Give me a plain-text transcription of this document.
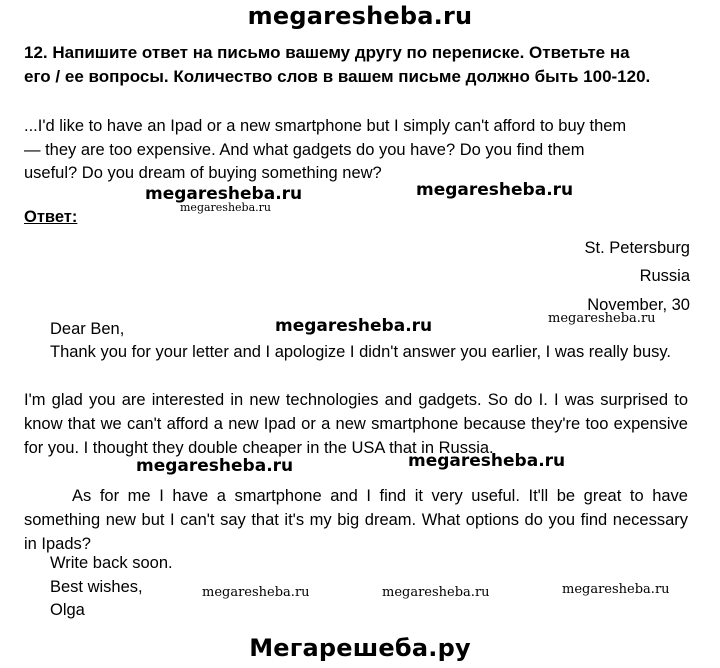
megaresheba.ru
12. Напишите ответ на письмо вашему другу по переписке. Ответьте на
его / ее вопросы. Количество слов в вашем письме должно быть 100-120.
...I'd like to have an Ipad or a new smartphone but I simply can't afford to buy them
— they are too expensive. And what gadgets do you have? Do you find them
useful? Do you dream of buying something new?
megaresheba.ru
megaresheba.ru
megaresheba.ru
Ответ:
St. Petersburg
Russia
November, 30
megaresheba.ru
Dear Ben,	megaresheba.ru
Thank you for your letter and I apologize I didn't answer you earlier, I was really busy.
I'm glad you are interested in new technologies and gadgets. So do I. I was surprised to know that we can't afford a new Ipad or a new smartphone because they're too expensive for you. I thought they double cheaper in the USA that in Russia.
megaresheba.ru	megaresheba.ru
As for me I have a smartphone and I find it very useful. It'll be great to have something new but I can't say that it's my big dream. What options do you find necessary in Ipads?
Write back soon.
Best wishes,
Olga
megaresheba.ru	megaresheba.ru	megaresheba.ru
Мегарешеба.ру
